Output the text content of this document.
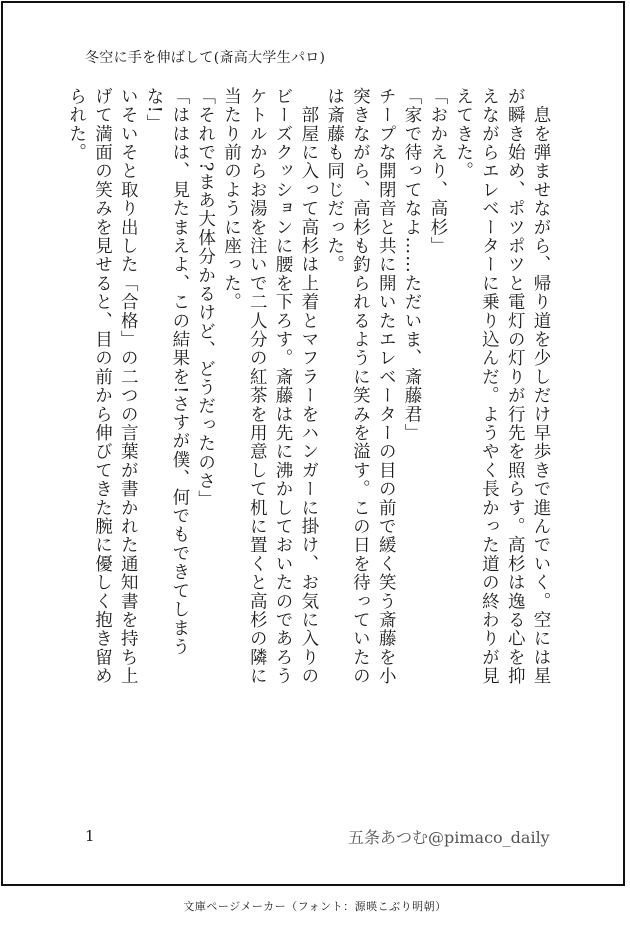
冬空に手を伸ばして(斎高大学生パロ)

　息を弾ませながら、帰り道を少しだけ早歩きで進んでいく。空には星が瞬き始め、ポツポツと電灯の灯りが行先を照らす。高杉は逸る心を抑えながらエレベーターに乗り込んだ。ようやく長かった道の終わりが見えてきた。

「おかえり、高杉」

「家で待ってなよ……ただいま、斎藤君」

チープな開閉音と共に開いたエレベーターの目の前で緩く笑う斎藤を小突きながら、高杉も釣られるように笑みを溢す。この日を待っていたのは斎藤も同じだった。

　部屋に入って高杉は上着とマフラーをハンガーに掛け、お気に入りのビーズクッションに腰を下ろす。斎藤は先に沸かしておいたのであろうケトルからお湯を注いで二人分の紅茶を用意して机に置くと高杉の隣に当たり前のように座った。

「それで?まあ大体分かるけど、どうだったのさ」

「ははは、見たまえよ、この結果を!さすが僕、何でもできてしまうな!」

いそいそと取り出した「合格」の二つの言葉が書かれた通知書を持ち上げて満面の笑みを見せると、目の前から伸びてきた腕に優しく抱き留められた。

1	五条あつむ@pimaco_daily
文庫ページメーカー（フォント：源暎こぶり明朝）
